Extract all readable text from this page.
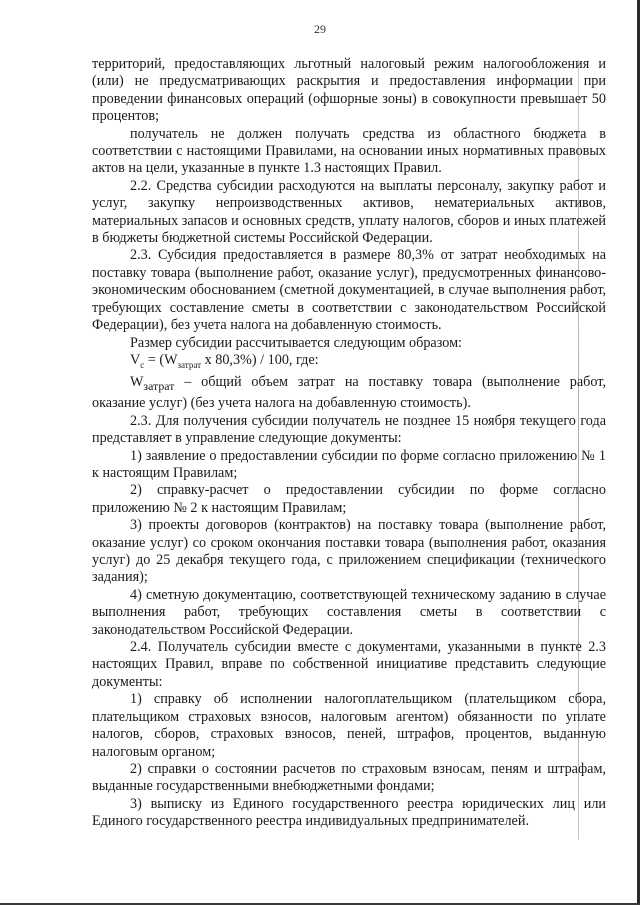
29

территорий, предоставляющих льготный налоговый режим налогообложения и (или) не предусматривающих раскрытия и предоставления информации при проведении финансовых операций (офшорные зоны) в совокупности превышает 50 процентов;

получатель не должен получать средства из областного бюджета в соответствии с настоящими Правилами, на основании иных нормативных правовых актов на цели, указанные в пункте 1.3 настоящих Правил.

2.2. Средства субсидии расходуются на выплаты персоналу, закупку работ и услуг, закупку непроизводственных активов, нематериальных активов, материальных запасов и основных средств, уплату налогов, сборов и иных платежей в бюджеты бюджетной системы Российской Федерации.

2.3. Субсидия предоставляется в размере 80,3% от затрат необходимых на поставку товара (выполнение работ, оказание услуг), предусмотренных финансово-экономическим обоснованием (сметной документацией, в случае выполнения работ, требующих составление сметы в соответствии с законодательством Российской Федерации), без учета налога на добавленную стоимость.

Размер субсидии рассчитывается следующим образом:

$V_с = (W_{затрат}$ х 80,3%) / 100, где:

$W_{затрат}$ – общий объем затрат на поставку товара (выполнение работ, оказание услуг) (без учета налога на добавленную стоимость).

2.3. Для получения субсидии получатель не позднее 15 ноября текущего года представляет в управление следующие документы:

1) заявление о предоставлении субсидии по форме согласно приложению № 1 к настоящим Правилам;

2) справку-расчет о предоставлении субсидии по форме согласно приложению № 2 к настоящим Правилам;

3) проекты договоров (контрактов) на поставку товара (выполнение работ, оказание услуг) со сроком окончания поставки товара (выполнения работ, оказания услуг) до 25 декабря текущего года, с приложением спецификации (технического задания);

4) сметную документацию, соответствующей техническому заданию в случае выполнения работ, требующих составления сметы в соответствии с законодательством Российской Федерации.

2.4. Получатель субсидии вместе с документами, указанными в пункте 2.3 настоящих Правил, вправе по собственной инициативе представить следующие документы:

1) справку об исполнении налогоплательщиком (плательщиком сбора, плательщиком страховых взносов, налоговым агентом) обязанности по уплате налогов, сборов, страховых взносов, пеней, штрафов, процентов, выданную налоговым органом;

2) справки о состоянии расчетов по страховым взносам, пеням и штрафам, выданные государственными внебюджетными фондами;

3) выписку из Единого государственного реестра юридических лиц или Единого государственного реестра индивидуальных предпринимателей.
